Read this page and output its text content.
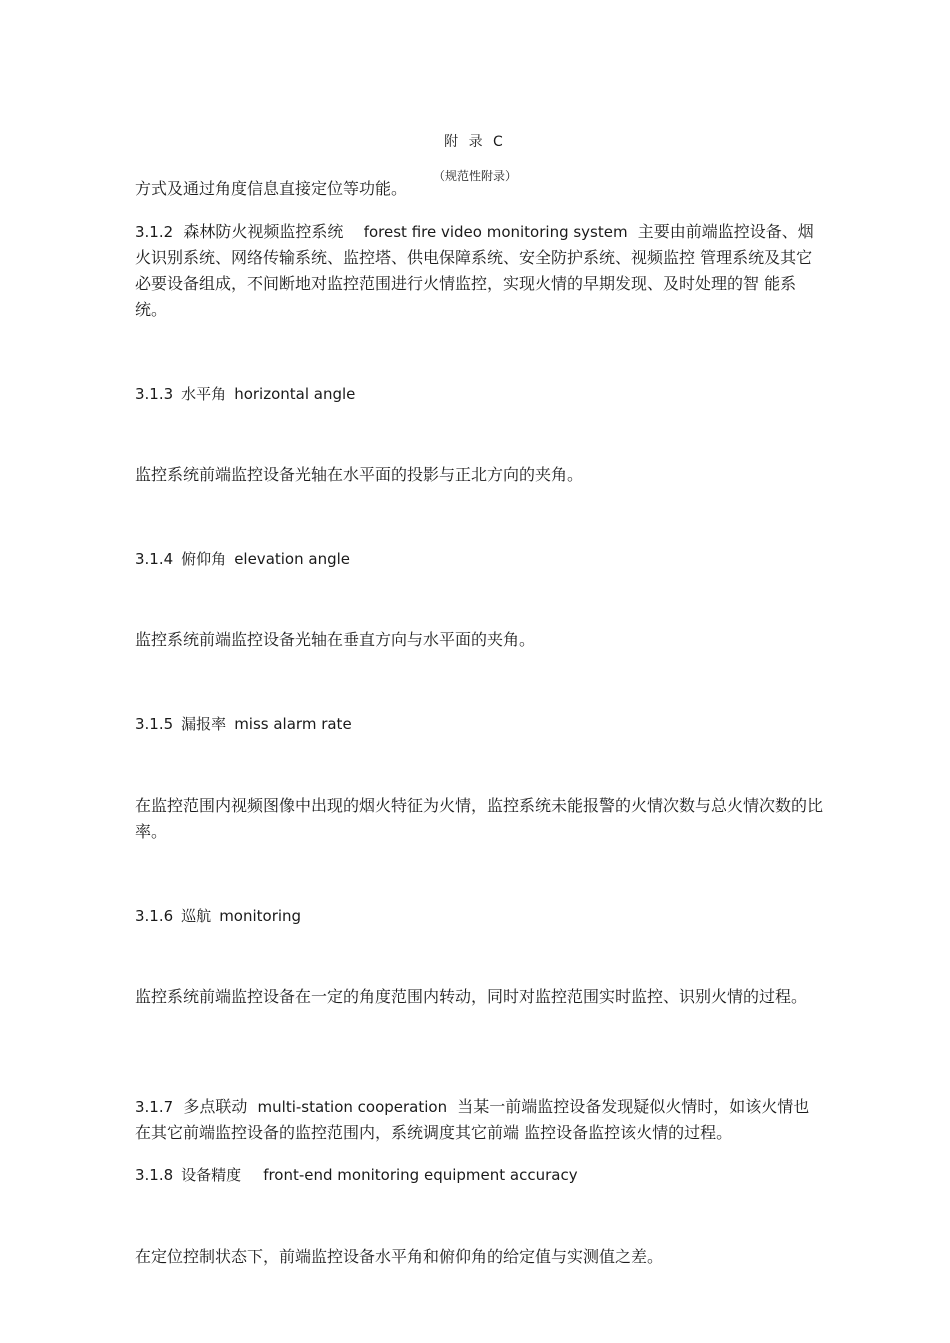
附 录 C
（规范性附录）
方式及通过角度信息直接定位等功能。
3.1.2 森林防火视频监控系统 forest fire video monitoring system 主要由前端监控设备、烟火识别系统、网络传输系统、监控塔、供电保障系统、安全防护系统、视频监控 管理系统及其它必要设备组成，不间断地对监控范围进行火情监控，实现火情的早期发现、及时处理的智 能系统。
3.1.3 水平角 horizontal angle
监控系统前端监控设备光轴在水平面的投影与正北方向的夹角。
3.1.4 俯仰角 elevation angle
监控系统前端监控设备光轴在垂直方向与水平面的夹角。
3.1.5 漏报率 miss alarm rate
在监控范围内视频图像中出现的烟火特征为火情，监控系统未能报警的火情次数与总火情次数的比率。
3.1.6 巡航 monitoring
监控系统前端监控设备在一定的角度范围内转动，同时对监控范围实时监控、识别火情的过程。
3.1.7 多点联动 multi-station cooperation 当某一前端监控设备发现疑似火情时，如该火情也在其它前端监控设备的监控范围内，系统调度其它前端 监控设备监控该火情的过程。
3.1.8 设备精度 front-end monitoring equipment accuracy
在定位控制状态下，前端监控设备水平角和俯仰角的给定值与实测值之差。
